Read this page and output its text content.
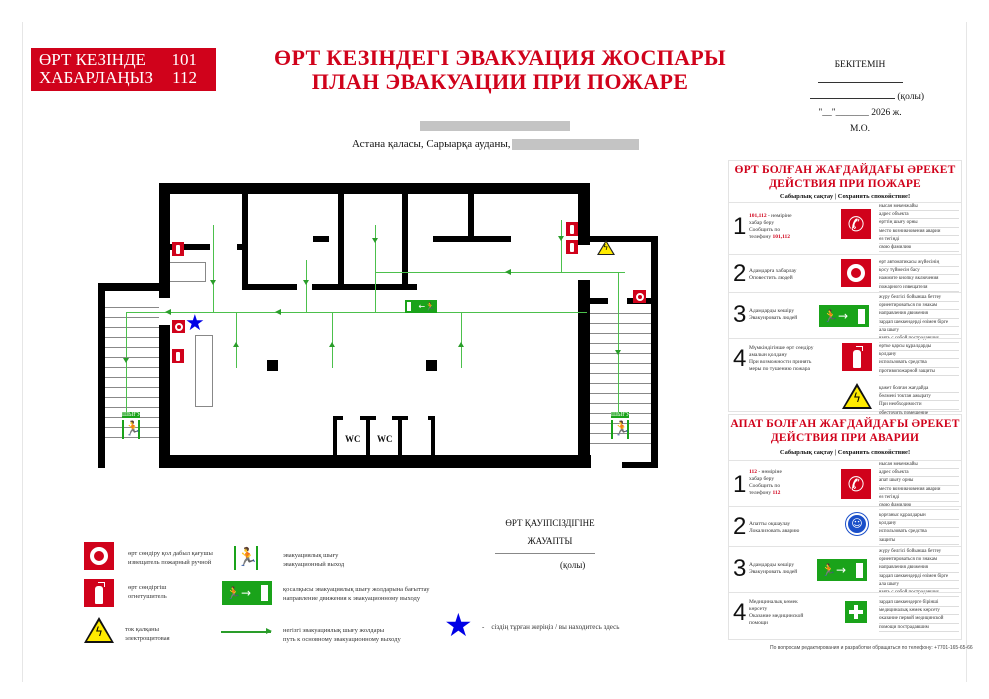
ӨРТ КЕЗІНДЕ 101
ХАБАРЛАҢЫЗ 112
ӨРТ КЕЗІНДЕГІ ЭВАКУАЦИЯ ЖОСПАРЫ
ПЛАН ЭВАКУАЦИИ ПРИ ПОЖАРЕ
Астана қаласы, Сарыарқа ауданы,
БЕКІТЕМІН
(қолы)
"__"_______ 2026 ж.
М.О.
WC WC
★
ϟ
←🏃
ШЫҒУ
🏃
ШЫҒУ
🏃
өрт сөндіру қол дабыл қағушы
извещатель пожарный ручной
өрт сөндіргіш
огнетушитель
ϟ	ток қалқаны
электрощитовая
🏃	эвакуациялық шығу
эвакуационный выход
🏃→	қосалқысы эвакуациялық шығу жолдарына бағыттау
направление движения к эвакуационному выходу
негізгі эвакуациялық шығу жолдары
путь к основному эвакуационному выходу ★ -    сіздің тұрған жеріңіз / вы находитесь здесь
ӨРТ ҚАУІПСІЗДІГІНЕ
ЖАУАПТЫ
(қолы)
ӨРТ БОЛҒАН ЖАҒДАЙДАҒЫ ӘРЕКЕТ
ДЕЙСТВИЯ ПРИ ПОЖАРЕ
Сабырлық сақтау | Сохранять спокойствие!
1 101,112 - нөміріне
хабар беру
Сообщить по
телефону 101,112
✆
нысан мекенжайы
адрес объекта
өрттің шығу орны
место возникновения аварии
өз тегіңді
свою фамилию
2 Адамдарға хабарлау
Оповестить людей
өрт автоматикасы жүйесінің
қосу түймесін басу
нажмите кнопку включения
пожарного извещателя
3 Адамдарды көшіру
Эвакуировать людей 🏃→
жүру белгісі бойынша бетгеу
ориентироваться по знакам
направления движения
зардап шеккендерді өзімен бірге
ала шығу
взять с собой пострадавших
4 Мүмкіндігінше өрт сөндіру
амалын қолдану
При возможности принять
меры по тушению пожара
өртке қарсы құралдарды
қолдану
использовать средства
противопожарной защиты
ϟ
қажет болған жағдайда
бөлмені токтан ажырату
При необходимости
АПАТ БОЛҒАН ЖАҒДАЙДАҒЫ ӘРЕКЕТ
ДЕЙСТВИЯ ПРИ АВАРИИ
Сабырлық сақтау | Сохранять спокойствие!
1 112 - нөміріне
хабар беру
Сообщить по
телефону 112	✆
нысан мекенжайы
адрес объекта
апат шығу орны
место возникновения аварии
өз тегіңді
свою фамилию
2 Апатты оқшаулау
Локализовать аварию
☺
қорғаныс құралдарын
қолдану
использовать средства
защиты
3 Адамдарды көшіру
Эвакуировать людей 🏃→
жүру белгісі бойынша бетгеу
ориентироваться по знакам
направления движения
зардап шеккендерді өзімен бірге
ала шығу
взять с собой пострадавших
4 Медициналық көмек
көрсету
Оказание медицинской
помощи
зардап шеккендерге бірінші
медициналық көмек көрсету
оказание первой медицинской
помощи пострадавшим
По вопросам редактирования и разработки обращаться по телефону: +7701-165-65-66
